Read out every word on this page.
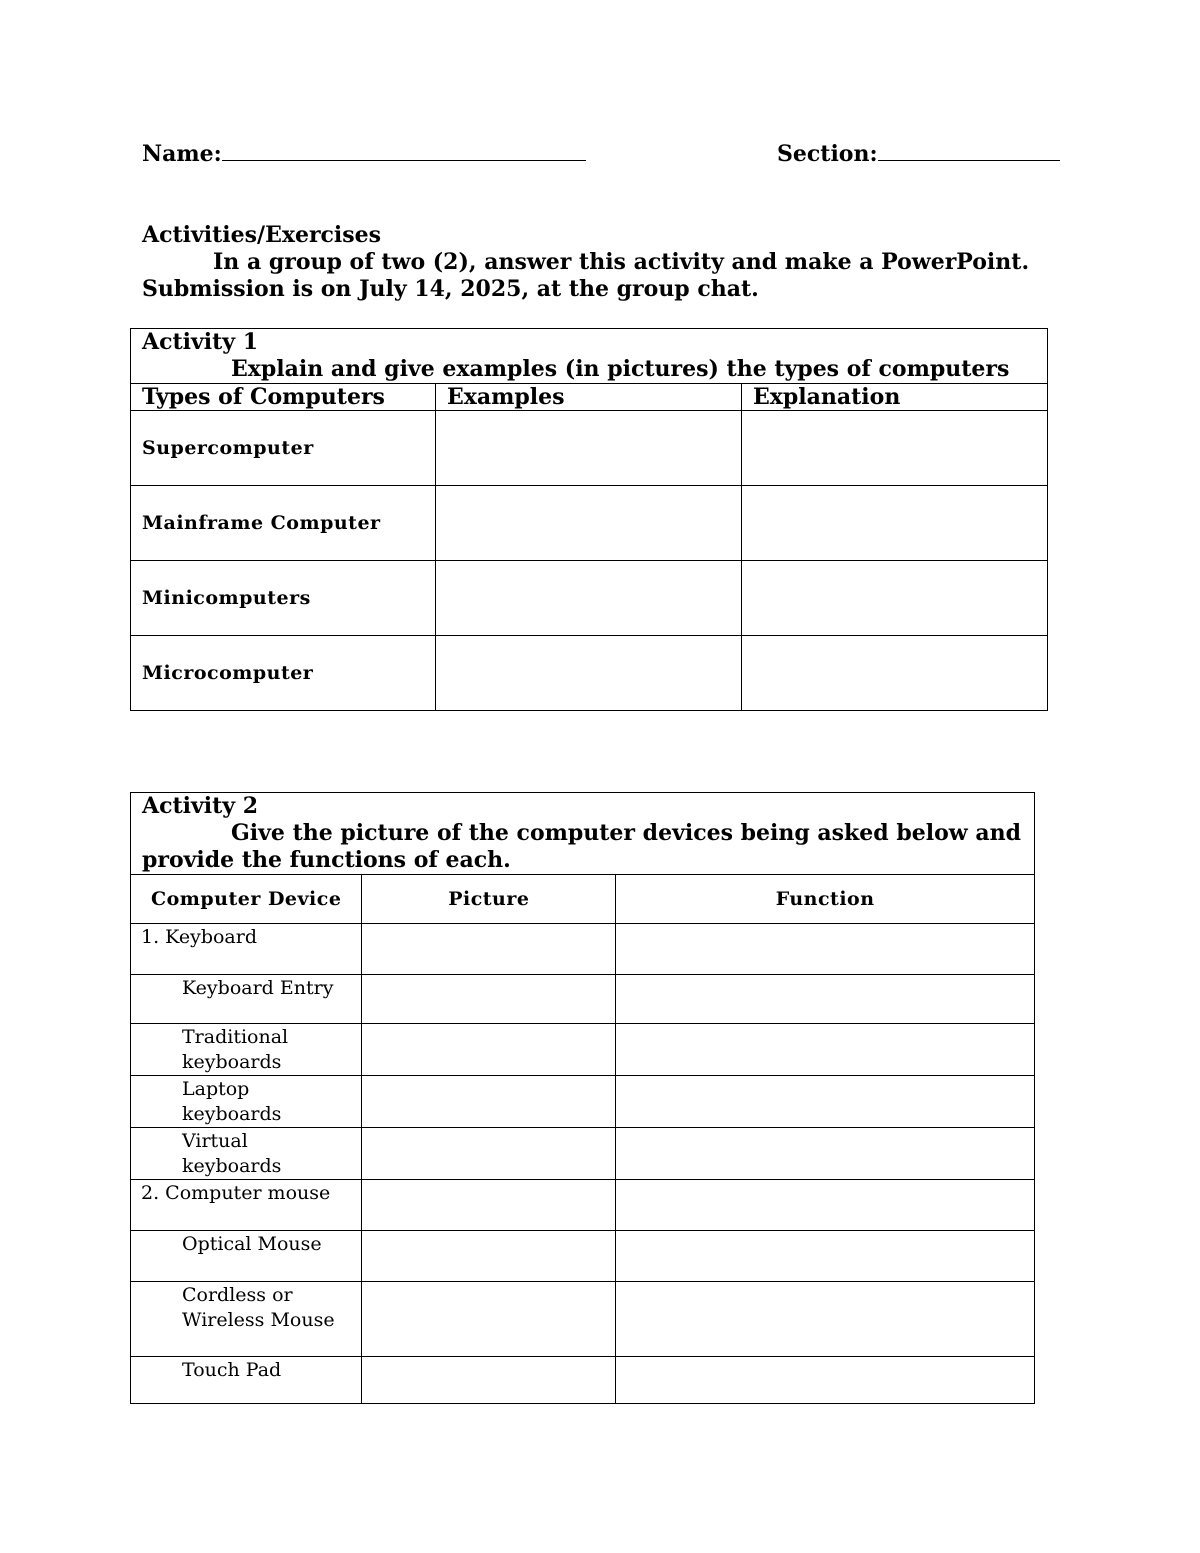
Name:	Section:
Activities/Exercises
In a group of two (2), answer this activity and make a PowerPoint.
Submission is on July 14, 2025, at the group chat.
Activity 1
Explain and give examples (in pictures) the types of computers		

Types of Computers	Examples	Explanation
Supercomputer		
Mainframe Computer		
Minicomputers		
Microcomputer		
Activity 2
Give the picture of the computer devices being asked below and
provide the functions of each.		

Computer Device	Picture	Function
1. Keyboard		
Keyboard Entry		
Traditional keyboards		
Laptop keyboards		
Virtual keyboards		
2. Computer mouse		
Optical Mouse		
Cordless or Wireless Mouse		
Touch Pad		
